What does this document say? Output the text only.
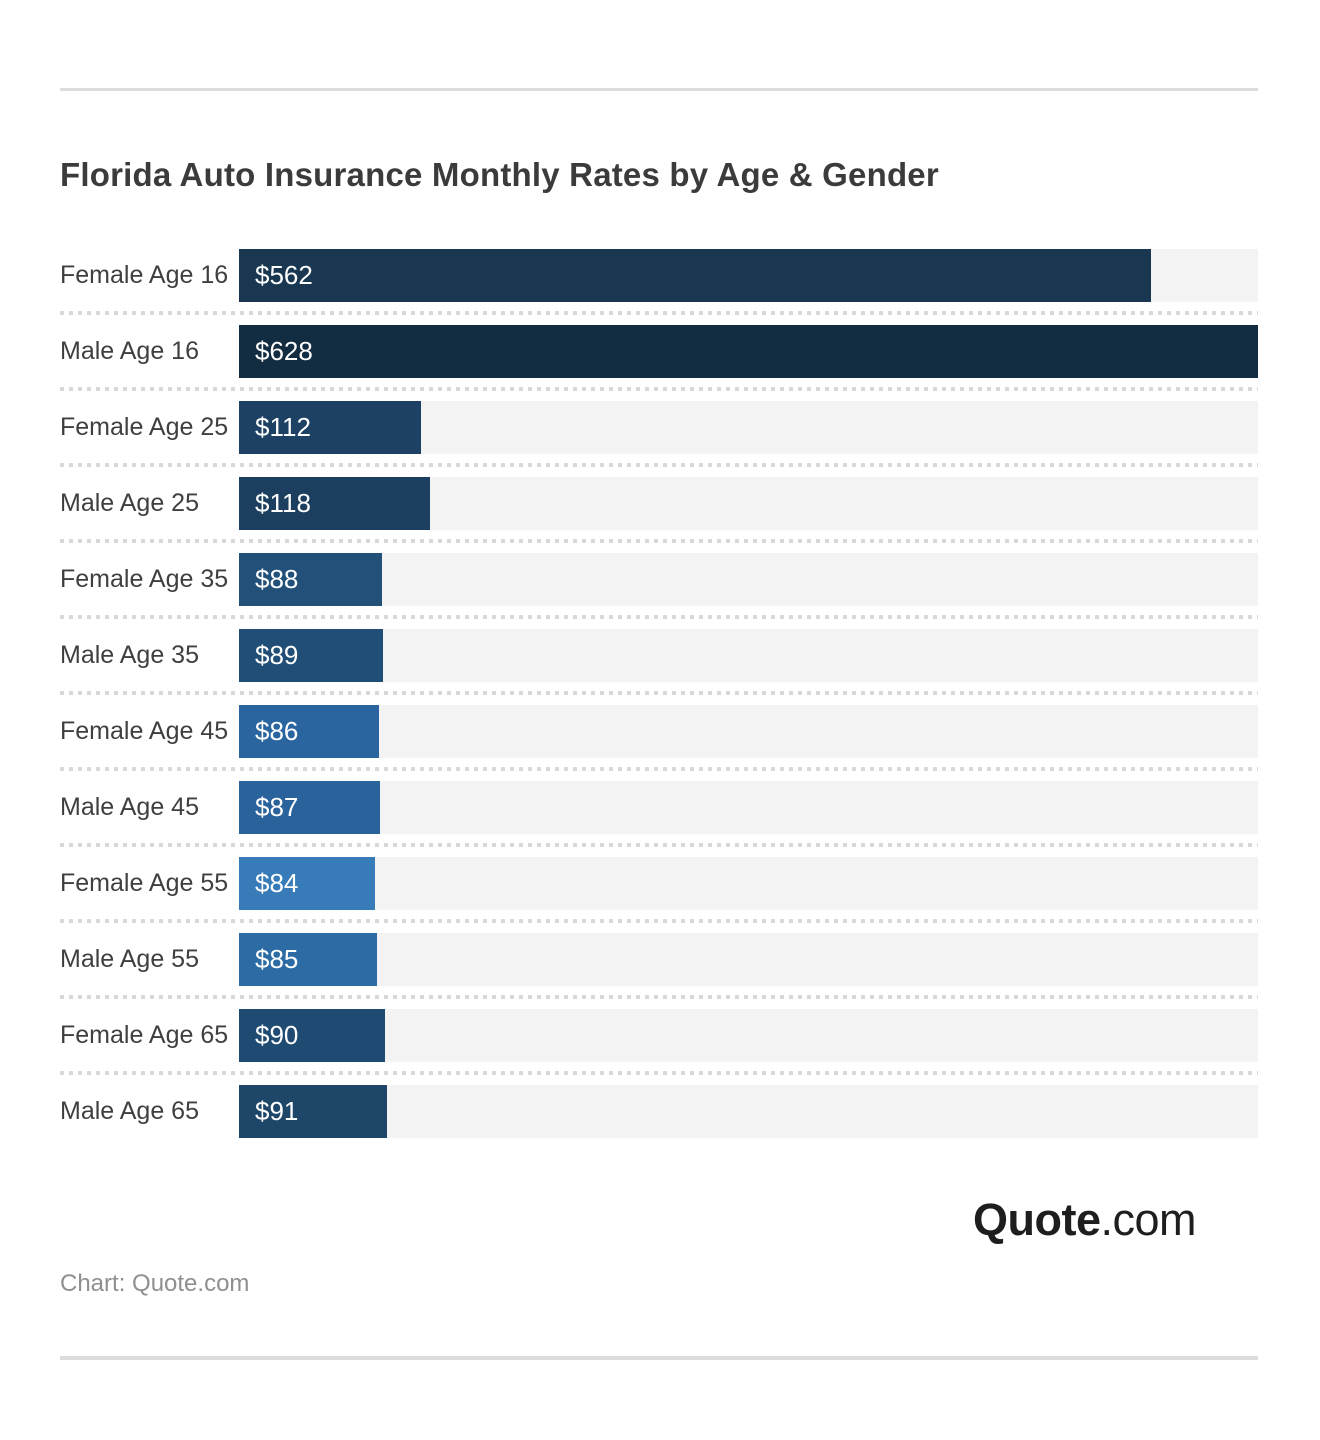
Florida Auto Insurance Monthly Rates by Age & Gender
Female Age 16	$562
Male Age 16	$628
Female Age 25	$112
Male Age 25	$118
Female Age 35	$88
Male Age 35	$89
Female Age 45	$86
Male Age 45	$87
Female Age 55	$84
Male Age 55	$85
Female Age 65	$90
Male Age 65	$91
Quote.com
Chart: Quote.com
